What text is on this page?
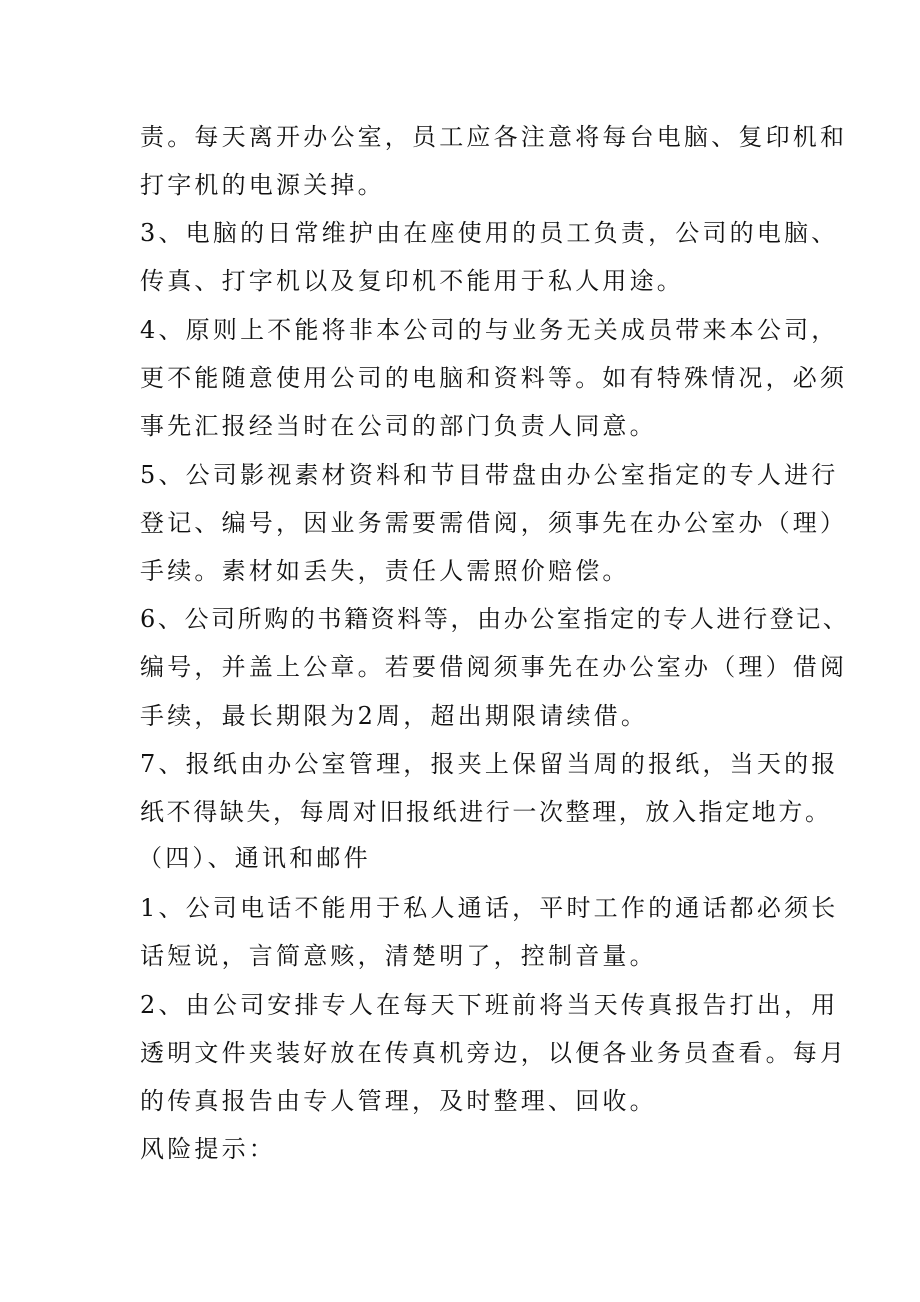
责。每天离开办公室，员工应各注意将每台电脑、复印机和
打字机的电源关掉。
3、电脑的日常维护由在座使用的员工负责，公司的电脑、
传真、打字机以及复印机不能用于私人用途。
4、原则上不能将非本公司的与业务无关成员带来本公司，
更不能随意使用公司的电脑和资料等。如有特殊情况，必须
事先汇报经当时在公司的部门负责人同意。
5、公司影视素材资料和节目带盘由办公室指定的专人进行
登记、编号，因业务需要需借阅，须事先在办公室办（理）
手续。素材如丢失，责任人需照价赔偿。
6、公司所购的书籍资料等，由办公室指定的专人进行登记、
编号，并盖上公章。若要借阅须事先在办公室办（理）借阅
手续，最长期限为2周，超出期限请续借。
7、报纸由办公室管理，报夹上保留当周的报纸，当天的报
纸不得缺失，每周对旧报纸进行一次整理，放入指定地方。
（四）、通讯和邮件
1、公司电话不能用于私人通话，平时工作的通话都必须长
话短说，言简意赅，清楚明了，控制音量。
2、由公司安排专人在每天下班前将当天传真报告打出，用
透明文件夹装好放在传真机旁边，以便各业务员查看。每月
的传真报告由专人管理，及时整理、回收。
风险提示：
